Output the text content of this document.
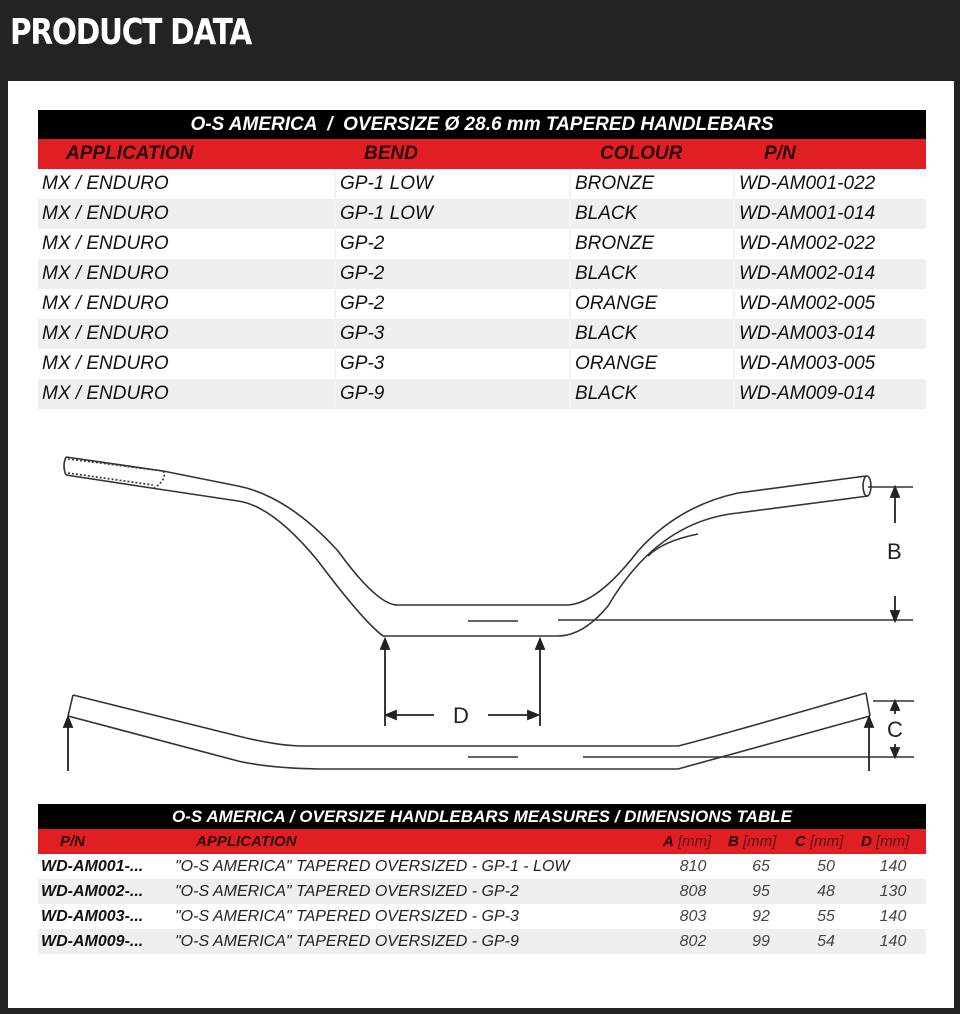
PRODUCT DATA
O-S AMERICA  /  OVERSIZE Ø 28.6 mm TAPERED HANDLEBARS
APPLICATION	BEND	COLOUR	P/N
MX / ENDURO	GP-1 LOW	BRONZE	WD-AM001-022
MX / ENDURO	GP-1 LOW	BLACK	WD-AM001-014
MX / ENDURO	GP-2	BRONZE	WD-AM002-022
MX / ENDURO	GP-2	BLACK	WD-AM002-014
MX / ENDURO	GP-2	ORANGE	WD-AM002-005
MX / ENDURO	GP-3	BLACK	WD-AM003-014
MX / ENDURO	GP-3	ORANGE	WD-AM003-005
MX / ENDURO	GP-9	BLACK	WD-AM009-014
B
C
D
O-S AMERICA / OVERSIZE HANDLEBARS MEASURES / DIMENSIONS TABLE
P/N	APPLICATION	A [mm] B [mm] C [mm] D [mm]
WD-AM001-... "O-S AMERICA" TAPERED OVERSIZED - GP-1 - LOW	810	65	50	140
WD-AM002-... "O-S AMERICA" TAPERED OVERSIZED - GP-2	808	95	48	130
WD-AM003-... "O-S AMERICA" TAPERED OVERSIZED - GP-3	803	92	55	140
WD-AM009-... "O-S AMERICA" TAPERED OVERSIZED - GP-9	802	99	54	140
